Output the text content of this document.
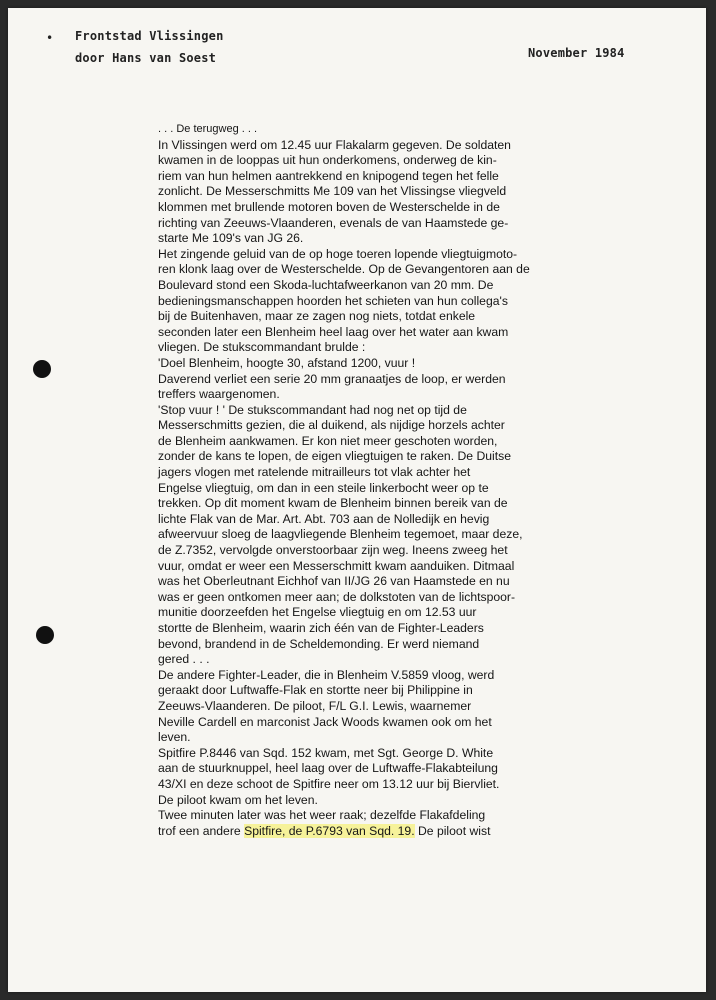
• Frontstad Vlissingen
door Hans van Soest	November 1984
. . . De terugweg . . .
In Vlissingen werd om 12.45 uur Flakalarm gegeven. De soldaten
kwamen in de looppas uit hun onderkomens, onderweg de kin-
riem van hun helmen aantrekkend en knipogend tegen het felle
zonlicht. De Messerschmitts Me 109 van het Vlissingse vliegveld
klommen met brullende motoren boven de Westerschelde in de
richting van Zeeuws-Vlaanderen, evenals de van Haamstede ge-
starte Me 109's van JG 26.
Het zingende geluid van de op hoge toeren lopende vliegtuigmoto-
ren klonk laag over de Westerschelde. Op de Gevangentoren aan de
Boulevard stond een Skoda-luchtafweerkanon van 20 mm. De
bedieningsmanschappen hoorden het schieten van hun collega's
bij de Buitenhaven, maar ze zagen nog niets, totdat enkele
seconden later een Blenheim heel laag over het water aan kwam
vliegen. De stukscommandant brulde :
'Doel Blenheim, hoogte 30, afstand 1200, vuur !
Daverend verliet een serie 20 mm granaatjes de loop, er werden
treffers waargenomen.
'Stop vuur ! ' De stukscommandant had nog net op tijd de
Messerschmitts gezien, die al duikend, als nijdige horzels achter
de Blenheim aankwamen. Er kon niet meer geschoten worden,
zonder de kans te lopen, de eigen vliegtuigen te raken. De Duitse
jagers vlogen met ratelende mitrailleurs tot vlak achter het
Engelse vliegtuig, om dan in een steile linkerbocht weer op te
trekken. Op dit moment kwam de Blenheim binnen bereik van de
lichte Flak van de Mar. Art. Abt. 703 aan de Nolledijk en hevig
afweervuur sloeg de laagvliegende Blenheim tegemoet, maar deze,
de Z.7352, vervolgde onverstoorbaar zijn weg. Ineens zweeg het
vuur, omdat er weer een Messerschmitt kwam aanduiken. Ditmaal
was het Oberleutnant Eichhof van II/JG 26 van Haamstede en nu
was er geen ontkomen meer aan; de dolkstoten van de lichtspoor-
munitie doorzeefden het Engelse vliegtuig en om 12.53 uur
stortte de Blenheim, waarin zich één van de Fighter-Leaders
bevond, brandend in de Scheldemonding. Er werd niemand
gered . . .
De andere Fighter-Leader, die in Blenheim V.5859 vloog, werd
geraakt door Luftwaffe-Flak en stortte neer bij Philippine in
Zeeuws-Vlaanderen. De piloot, F/L G.I. Lewis, waarnemer
Neville Cardell en marconist Jack Woods kwamen ook om het
leven.
Spitfire P.8446 van Sqd. 152 kwam, met Sgt. George D. White
aan de stuurknuppel, heel laag over de Luftwaffe-Flakabteilung
43/XI en deze schoot de Spitfire neer om 13.12 uur bij Biervliet.
De piloot kwam om het leven.
Twee minuten later was het weer raak; dezelfde Flakafdeling
trof een andere Spitfire, de P.6793 van Sqd. 19. De piloot wist
